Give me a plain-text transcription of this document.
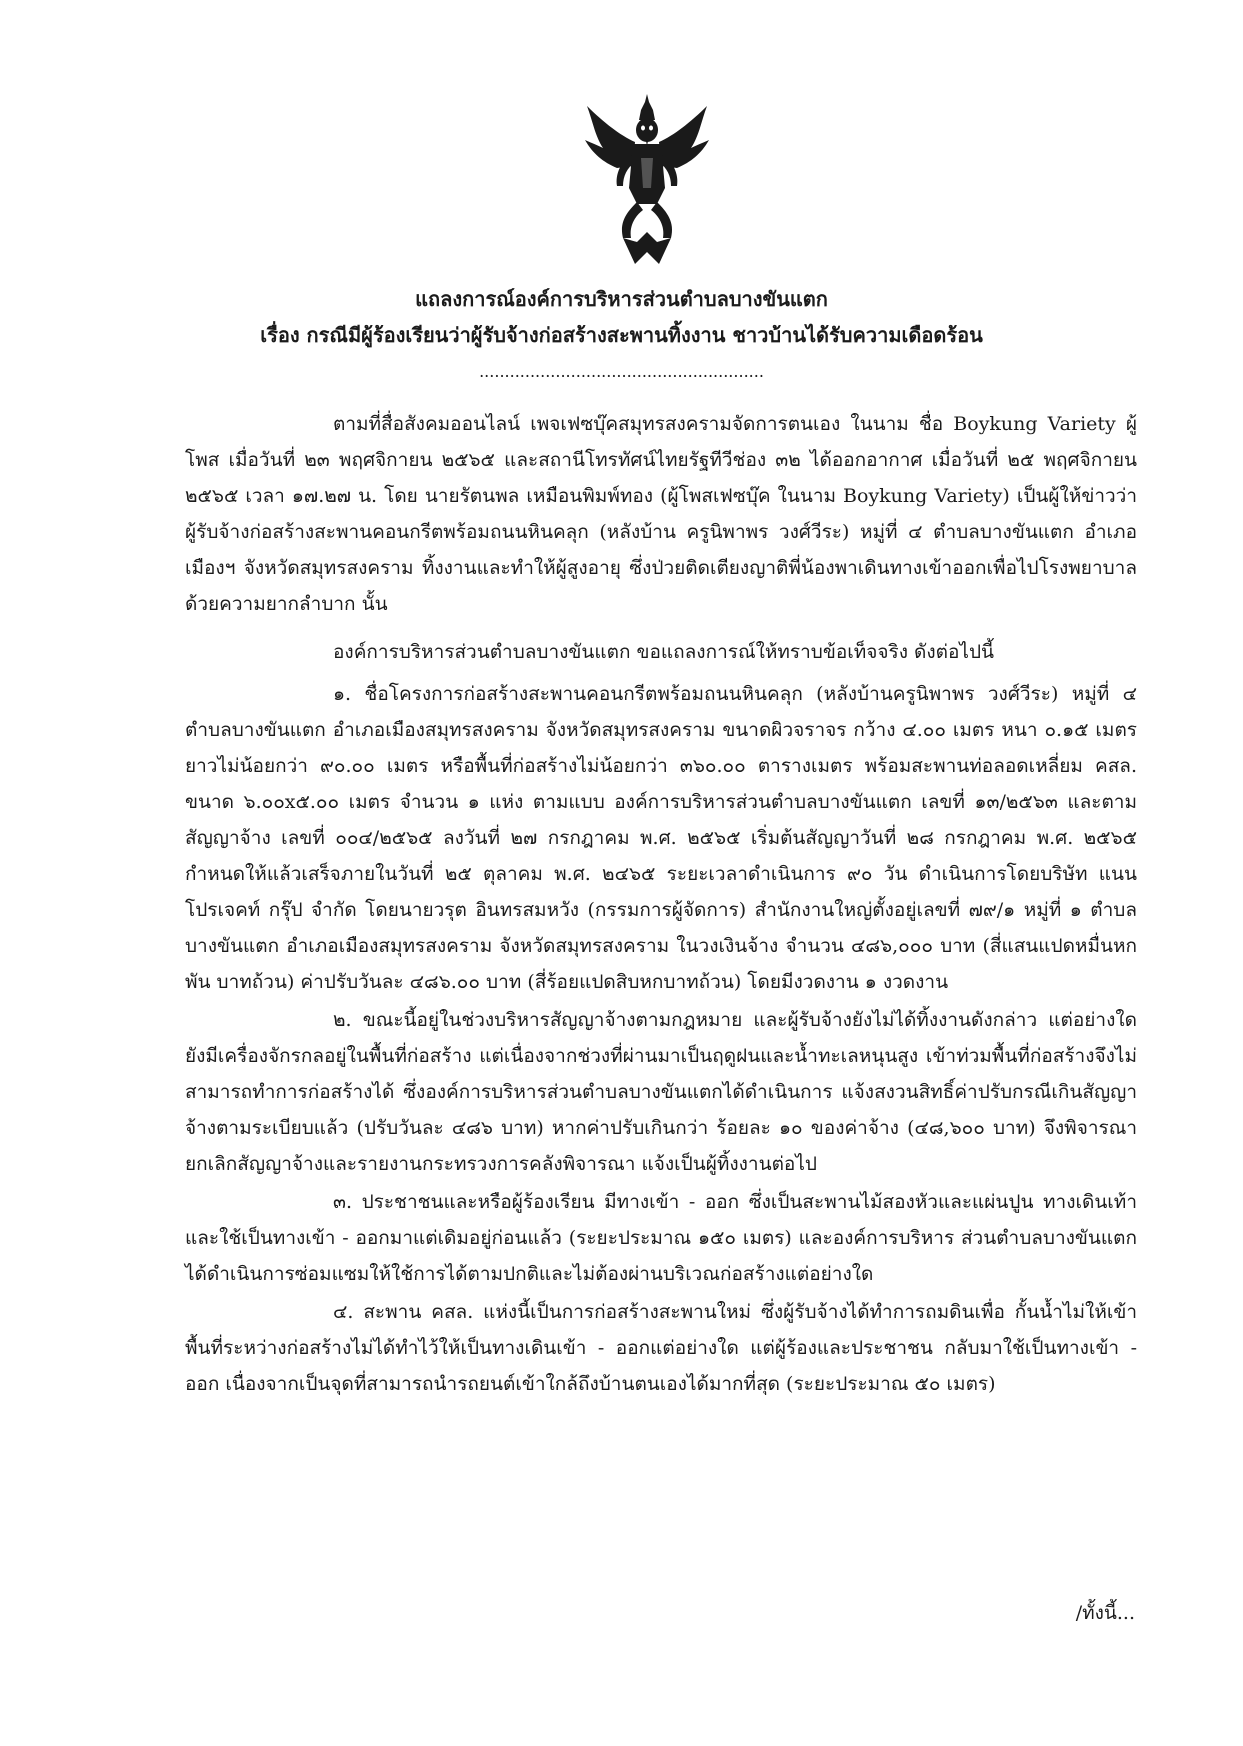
แถลงการณ์องค์การบริหารส่วนตำบลบางขันแตก
เรื่อง กรณีมีผู้ร้องเรียนว่าผู้รับจ้างก่อสร้างสะพานทิ้งงาน ชาวบ้านได้รับความเดือดร้อน
........................................................

ตามที่สื่อสังคมออนไลน์ เพจเฟซบุ๊คสมุทรสงครามจัดการตนเอง ในนาม ชื่อ Boykung Variety ผู้โพส เมื่อวันที่ ๒๓ พฤศจิกายน ๒๕๖๕ และสถานีโทรทัศน์ไทยรัฐทีวีช่อง ๓๒ ได้ออกอากาศ เมื่อวันที่ ๒๕ พฤศจิกายน ๒๕๖๕ เวลา ๑๗.๒๗ น. โดย นายรัตนพล เหมือนพิมพ์ทอง (ผู้โพสเฟซบุ๊ค ในนาม Boykung Variety) เป็นผู้ให้ข่าวว่า ผู้รับจ้างก่อสร้างสะพานคอนกรีตพร้อมถนนหินคลุก (หลังบ้าน ครูนิพาพร วงศ์วีระ) หมู่ที่ ๔ ตำบลบางขันแตก อำเภอเมืองฯ จังหวัดสมุทรสงคราม ทิ้งงานและทำให้ผู้สูงอายุ ซึ่งป่วยติดเตียงญาติพี่น้องพาเดินทางเข้าออกเพื่อไปโรงพยาบาลด้วยความยากลำบาก นั้น

องค์การบริหารส่วนตำบลบางขันแตก ขอแถลงการณ์ให้ทราบข้อเท็จจริง ดังต่อไปนี้

๑. ชื่อโครงการก่อสร้างสะพานคอนกรีตพร้อมถนนหินคลุก (หลังบ้านครูนิพาพร วงศ์วีระ) หมู่ที่ ๔ ตำบลบางขันแตก อำเภอเมืองสมุทรสงคราม จังหวัดสมุทรสงคราม ขนาดผิวจราจร กว้าง ๔.๐๐ เมตร หนา ๐.๑๕ เมตร ยาวไม่น้อยกว่า ๙๐.๐๐ เมตร หรือพื้นที่ก่อสร้างไม่น้อยกว่า ๓๖๐.๐๐ ตารางเมตร พร้อมสะพานท่อลอดเหลี่ยม คสล. ขนาด ๖.๐๐x๕.๐๐ เมตร จำนวน ๑ แห่ง ตามแบบ องค์การบริหารส่วนตำบลบางขันแตก เลขที่ ๑๓/๒๕๖๓ และตามสัญญาจ้าง เลขที่ ๐๐๔/๒๕๖๕ ลงวันที่ ๒๗ กรกฎาคม พ.ศ. ๒๕๖๕ เริ่มต้นสัญญาวันที่ ๒๘ กรกฎาคม พ.ศ. ๒๕๖๕ กำหนดให้แล้วเสร็จภายในวันที่ ๒๕ ตุลาคม พ.ศ. ๒๔๖๕ ระยะเวลาดำเนินการ ๙๐ วัน ดำเนินการโดยบริษัท แนน โปรเจคท์ กรุ๊ป จำกัด โดยนายวรุต อินทรสมหวัง (กรรมการผู้จัดการ) สำนักงานใหญ่ตั้งอยู่เลขที่ ๗๙/๑ หมู่ที่ ๑ ตำบลบางขันแตก อำเภอเมืองสมุทรสงคราม จังหวัดสมุทรสงคราม ในวงเงินจ้าง จำนวน ๔๘๖,๐๐๐ บาท (สี่แสนแปดหมื่นหกพัน บาทถ้วน) ค่าปรับวันละ ๔๘๖.๐๐ บาท (สี่ร้อยแปดสิบหกบาทถ้วน) โดยมีงวดงาน ๑ งวดงาน

๒. ขณะนี้อยู่ในช่วงบริหารสัญญาจ้างตามกฎหมาย และผู้รับจ้างยังไม่ได้ทิ้งงานดังกล่าว แต่อย่างใด ยังมีเครื่องจักรกลอยู่ในพื้นที่ก่อสร้าง แต่เนื่องจากช่วงที่ผ่านมาเป็นฤดูฝนและน้ำทะเลหนุนสูง เข้าท่วมพื้นที่ก่อสร้างจึงไม่สามารถทำการก่อสร้างได้ ซึ่งองค์การบริหารส่วนตำบลบางขันแตกได้ดำเนินการ แจ้งสงวนสิทธิ์ค่าปรับกรณีเกินสัญญาจ้างตามระเบียบแล้ว (ปรับวันละ ๔๘๖ บาท) หากค่าปรับเกินกว่า ร้อยละ ๑๐ ของค่าจ้าง (๔๘,๖๐๐ บาท) จึงพิจารณายกเลิกสัญญาจ้างและรายงานกระทรวงการคลังพิจารณา แจ้งเป็นผู้ทิ้งงานต่อไป

๓. ประชาชนและหรือผู้ร้องเรียน มีทางเข้า - ออก ซึ่งเป็นสะพานไม้สองหัวและแผ่นปูน ทางเดินเท้าและใช้เป็นทางเข้า - ออกมาแต่เดิมอยู่ก่อนแล้ว (ระยะประมาณ ๑๕๐ เมตร) และองค์การบริหาร ส่วนตำบลบางขันแตกได้ดำเนินการซ่อมแซมให้ใช้การได้ตามปกติและไม่ต้องผ่านบริเวณก่อสร้างแต่อย่างใด

๔. สะพาน คสล. แห่งนี้เป็นการก่อสร้างสะพานใหม่ ซึ่งผู้รับจ้างได้ทำการถมดินเพื่อ กั้นน้ำไม่ให้เข้าพื้นที่ระหว่างก่อสร้างไม่ได้ทำไว้ให้เป็นทางเดินเข้า - ออกแต่อย่างใด แต่ผู้ร้องและประชาชน กลับมาใช้เป็นทางเข้า - ออก เนื่องจากเป็นจุดที่สามารถนำรถยนต์เข้าใกล้ถึงบ้านตนเองได้มากที่สุด (ระยะประมาณ ๕๐ เมตร)

/ทั้งนี้...
